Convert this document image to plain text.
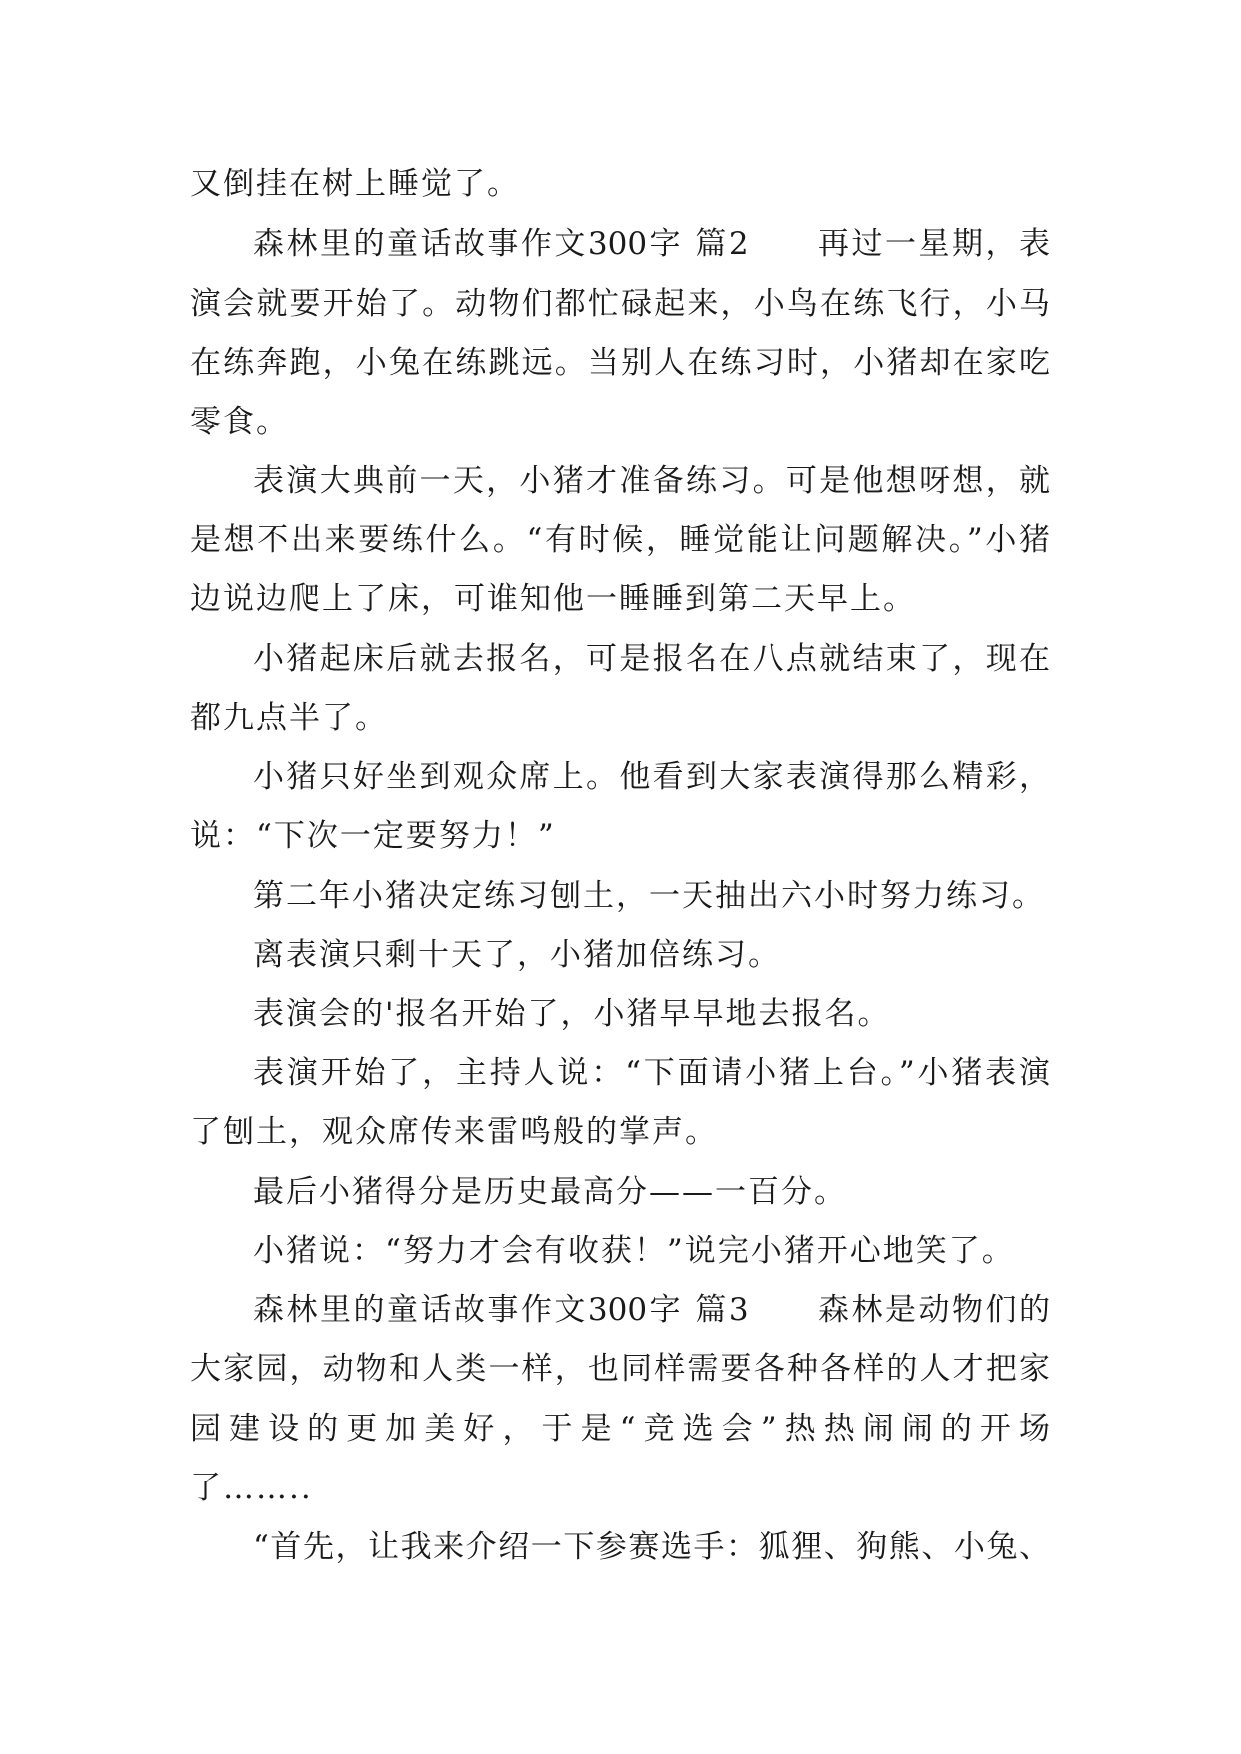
又倒挂在树上睡觉了。
森林里的童话故事作文300字 篇2　　再过一星期，表
演会就要开始了。动物们都忙碌起来，小鸟在练飞行，小马
在练奔跑，小兔在练跳远。当别人在练习时，小猪却在家吃
零食。
表演大典前一天，小猪才准备练习。可是他想呀想，就
是想不出来要练什么。“有时候，睡觉能让问题解决。”小猪
边说边爬上了床，可谁知他一睡睡到第二天早上。
小猪起床后就去报名，可是报名在八点就结束了，现在
都九点半了。
小猪只好坐到观众席上。他看到大家表演得那么精彩，
说：“下次一定要努力！”
第二年小猪决定练习刨土，一天抽出六小时努力练习。
离表演只剩十天了，小猪加倍练习。
表演会的'报名开始了，小猪早早地去报名。
表演开始了，主持人说：“下面请小猪上台。”小猪表演
了刨土，观众席传来雷鸣般的掌声。
最后小猪得分是历史最高分——一百分。
小猪说：“努力才会有收获！”说完小猪开心地笑了。
森林里的童话故事作文300字 篇3　　森林是动物们的
大家园，动物和人类一样，也同样需要各种各样的人才把家
园建设的更加美好，于是“竞选会”热热闹闹的开场
了……..
“首先，让我来介绍一下参赛选手：狐狸、狗熊、小兔、
